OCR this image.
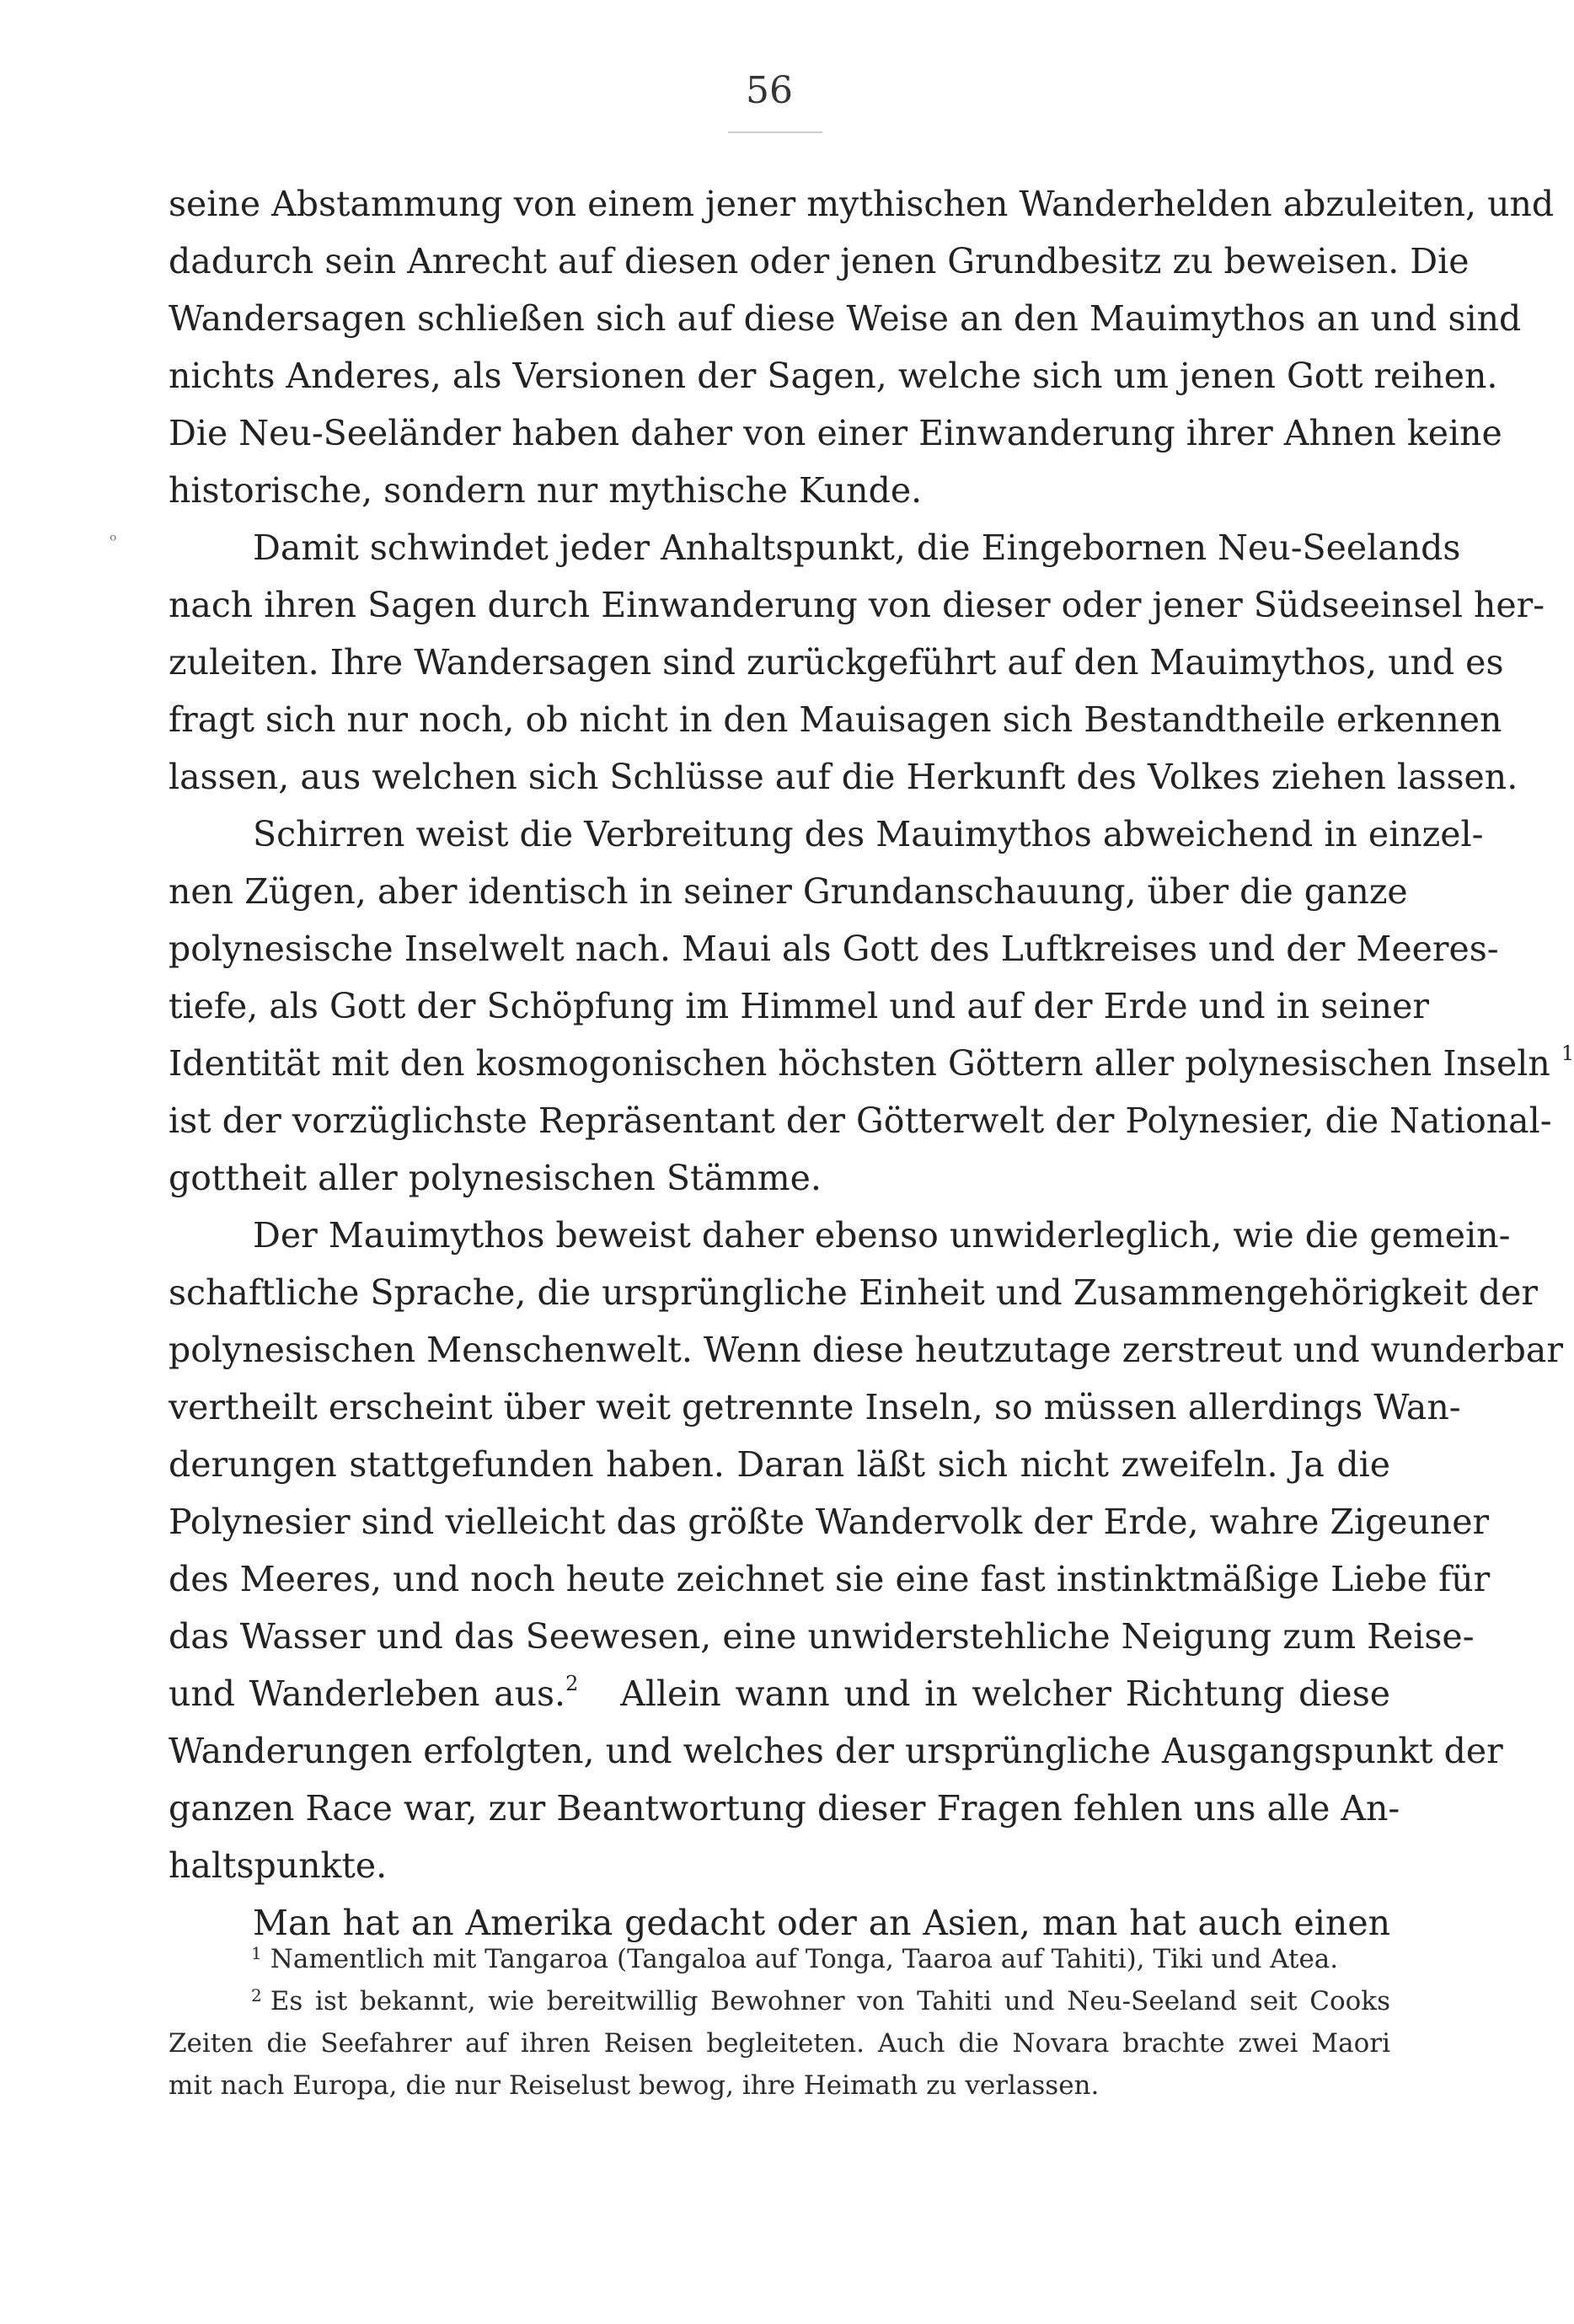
56
ᵒ
seine Abstammung von einem jener mythischen Wanderhelden abzuleiten, und
dadurch sein Anrecht auf diesen oder jenen Grundbesitz zu beweisen. Die
Wandersagen schließen sich auf diese Weise an den Mauimythos an und sind
nichts Anderes, als Versionen der Sagen, welche sich um jenen Gott reihen.
Die Neu-Seeländer haben daher von einer Einwanderung ihrer Ahnen keine
historische, sondern nur mythische Kunde.
Damit schwindet jeder Anhaltspunkt, die Eingebornen Neu-Seelands
nach ihren Sagen durch Einwanderung von dieser oder jener Südseeinsel her-
zuleiten. Ihre Wandersagen sind zurückgeführt auf den Mauimythos, und es
fragt sich nur noch, ob nicht in den Mauisagen sich Bestandtheile erkennen
lassen, aus welchen sich Schlüsse auf die Herkunft des Volkes ziehen lassen.
Schirren weist die Verbreitung des Mauimythos abweichend in einzel-
nen Zügen, aber identisch in seiner Grundanschauung, über die ganze
polynesische Inselwelt nach. Maui als Gott des Luftkreises und der Meeres-
tiefe, als Gott der Schöpfung im Himmel und auf der Erde und in seiner
Identität mit den kosmogonischen höchsten Göttern aller polynesischen Inseln $^1$
ist der vorzüglichste Repräsentant der Götterwelt der Polynesier, die National-
gottheit aller polynesischen Stämme.
Der Mauimythos beweist daher ebenso unwiderleglich, wie die gemein-
schaftliche Sprache, die ursprüngliche Einheit und Zusammengehörigkeit der
polynesischen Menschenwelt. Wenn diese heutzutage zerstreut und wunderbar
vertheilt erscheint über weit getrennte Inseln, so müssen allerdings Wan-
derungen stattgefunden haben. Daran läßt sich nicht zweifeln. Ja die
Polynesier sind vielleicht das größte Wandervolk der Erde, wahre Zigeuner
des Meeres, und noch heute zeichnet sie eine fast instinktmäßige Liebe für
das Wasser und das Seewesen, eine unwiderstehliche Neigung zum Reise-
und Wanderleben aus.$^2$ Allein wann und in welcher Richtung diese
Wanderungen erfolgten, und welches der ursprüngliche Ausgangspunkt der
ganzen Race war, zur Beantwortung dieser Fragen fehlen uns alle An-
haltspunkte.
Man hat an Amerika gedacht oder an Asien, man hat auch einen
$^1$ Namentlich mit Tangaroa (Tangaloa auf Tonga, Taaroa auf Tahiti), Tiki und Atea.
$^2$ Es ist bekannt, wie bereitwillig Bewohner von Tahiti und Neu-Seeland seit Cooks
Zeiten die Seefahrer auf ihren Reisen begleiteten. Auch die Novara brachte zwei Maori
mit nach Europa, die nur Reiselust bewog, ihre Heimath zu verlassen.
